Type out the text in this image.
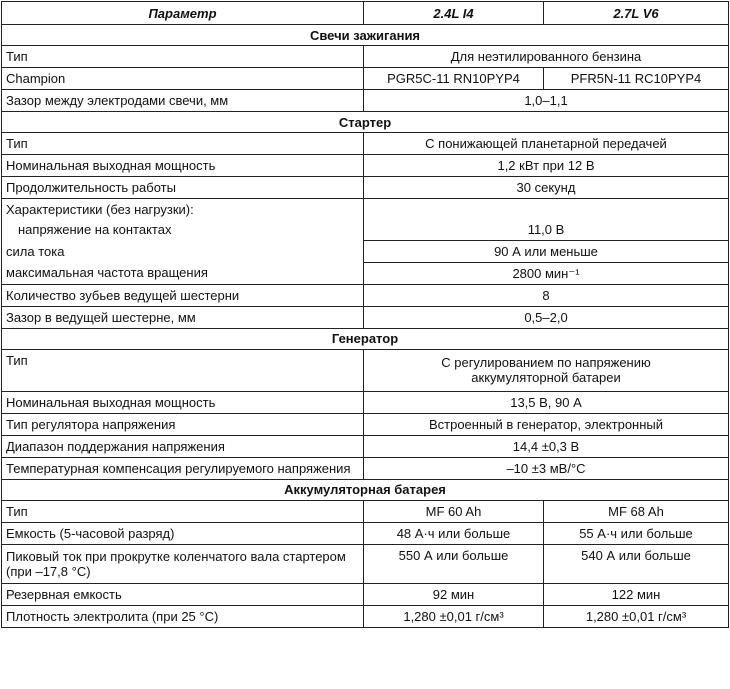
Параметр	2.4L I4	2.7L V6
Свечи зажигания		
Тип	Для неэтилированного бензина	
Champion	PGR5C-11 RN10PYP4	PFR5N-11 RC10PYP4
Зазор между электродами свечи, мм	1,0–1,1	
Стартер		
Тип	С понижающей планетарной передачей	
Номинальная выходная мощность	1,2 кВт при 12 В	
Продолжительность работы	30 секунд	

Характеристики (без нагрузки):
напряжение на контактах	11,0 В	
сила тока	90 А или меньше	
максимальная частота вращения	2800 мин⁻¹	
Количество зубьев ведущей шестерни	8	
Зазор в ведущей шестерне, мм	0,5–2,0	
Генератор		
Тип	С регулированием по напряжению
аккумуляторной батареи	

Номинальная выходная мощность	13,5 В, 90 А	
Тип регулятора напряжения	Встроенный в генератор, электронный	
Диапазон поддержания напряжения	14,4 ±0,3 В	
Температурная компенсация регулируемого напряжения	–10 ±3 мВ/°С	
Аккумуляторная батарея		
Тип	MF 60 Ah	MF 68 Ah
Емкость (5-часовой разряд)	48 А·ч или больше	55 А·ч или больше

Пиковый ток при прокрутке коленчатого вала стартером
(при –17,8 °С)	550 А или больше	540 А или больше
Резервная емкость	92 мин	122 мин
Плотность электролита (при 25 °С)	1,280 ±0,01 г/см³	1,280 ±0,01 г/см³
